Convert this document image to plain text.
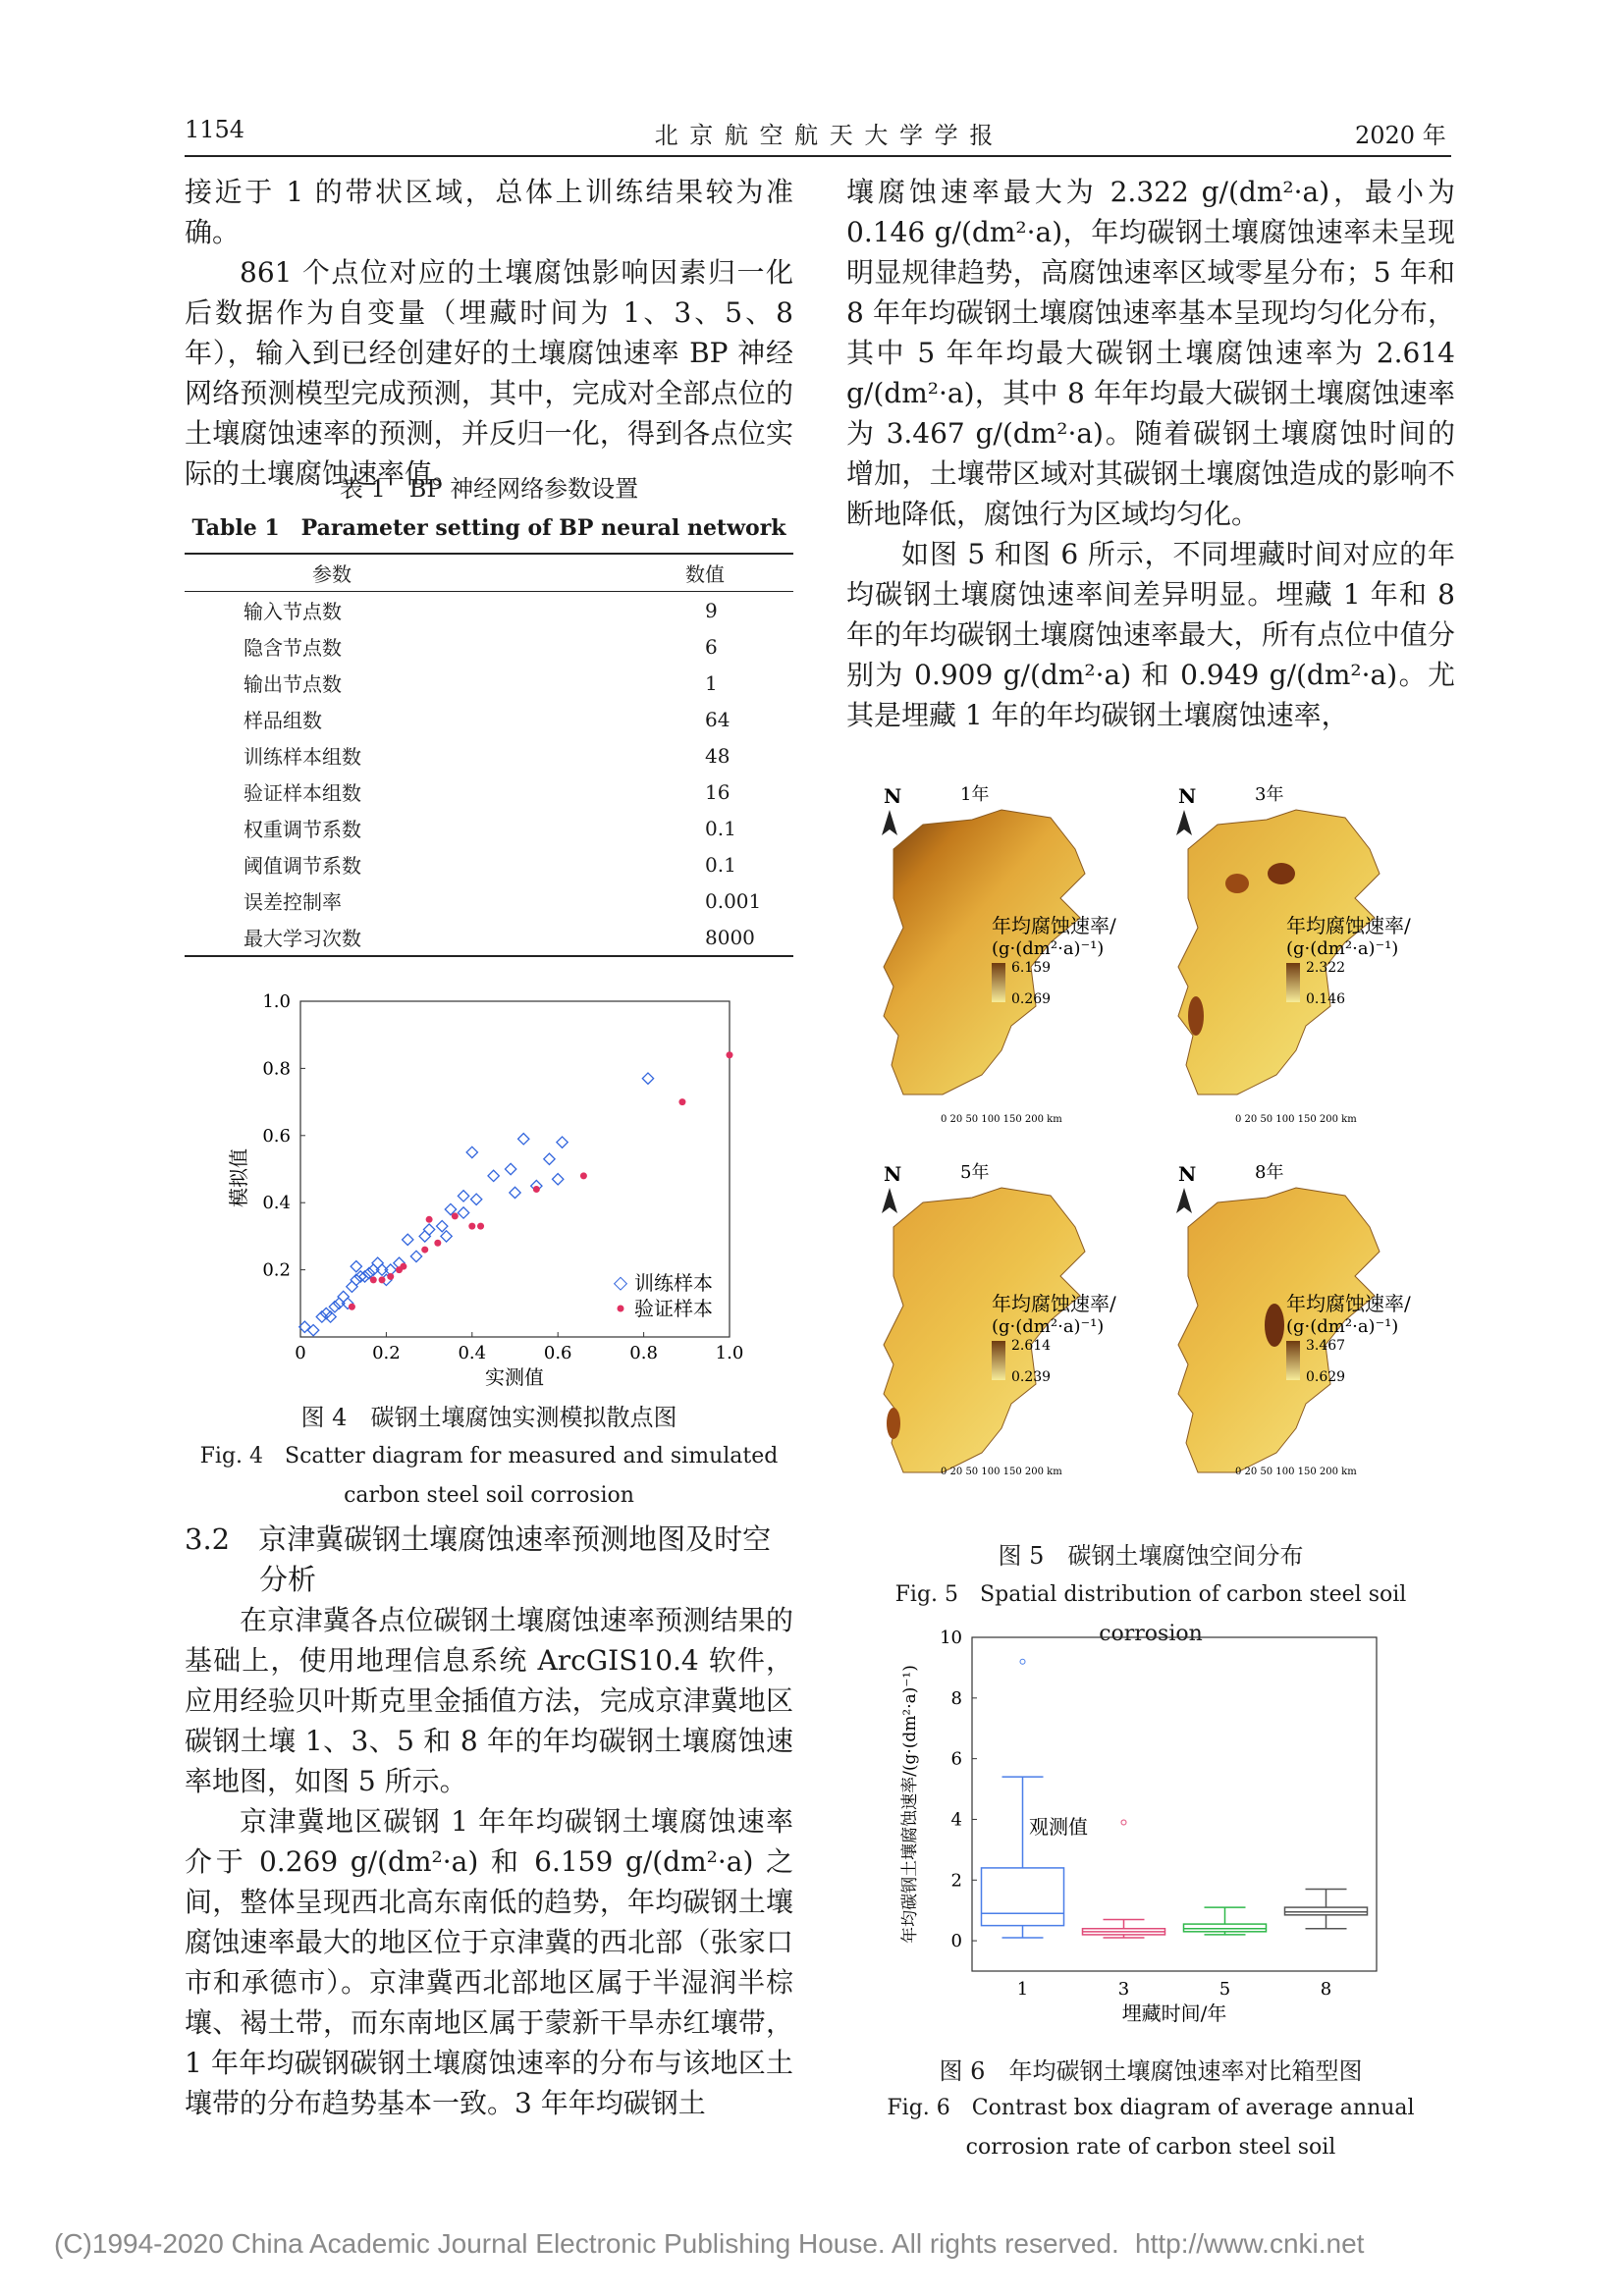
1154	北 京 航 空 航 天 大 学 学 报	2020 年

接近于 1 的带状区域，总体上训练结果较为准确。

861 个点位对应的土壤腐蚀影响因素归一化后数据作为自变量（埋藏时间为 1、3、5、8 年），输入到已经创建好的土壤腐蚀速率 BP 神经网络预测模型完成预测，其中，完成对全部点位的土壤腐蚀速率的预测，并反归一化，得到各点位实际的土壤腐蚀速率值。

表 1　BP 神经网络参数设置
Table 1　Parameter setting of BP neural network
参数	数值
输入节点数	9
隐含节点数	6
输出节点数	1
样品组数	64
训练样本组数	48
验证样本组数	16
权重调节系数	0.1
阈值调节系数	0.1
误差控制率	0.001
最大学习次数	8000
0	0.2	0.4	0.6	0.8	1.0
0.2
0.4
0.6
0.8
1.0
模拟值
实测值
训练样本
验证样本
图 4　碳钢土壤腐蚀实测模拟散点图
Fig. 4　Scatter diagram for measured and simulated
carbon steel soil corrosion
3.2　京津冀碳钢土壤腐蚀速率预测地图及时空
分析

在京津冀各点位碳钢土壤腐蚀速率预测结果的基础上，使用地理信息系统 ArcGIS10.4 软件，应用经验贝叶斯克里金插值方法，完成京津冀地区碳钢土壤 1、3、5 和 8 年的年均碳钢土壤腐蚀速率地图，如图 5 所示。

京津冀地区碳钢 1 年年均碳钢土壤腐蚀速率介于 0.269 g/(dm²·a) 和 6.159 g/(dm²·a) 之间，整体呈现西北高东南低的趋势，年均碳钢土壤腐蚀速率最大的地区位于京津冀的西北部（张家口市和承德市）。京津冀西北部地区属于半湿润半棕壤、褐土带，而东南地区属于蒙新干旱赤红壤带，1 年年均碳钢碳钢土壤腐蚀速率的分布与该地区土壤带的分布趋势基本一致。3 年年均碳钢土

壤腐蚀速率最大为 2.322 g/(dm²·a)，最小为 0.146 g/(dm²·a)，年均碳钢土壤腐蚀速率未呈现明显规律趋势，高腐蚀速率区域零星分布；5 年和 8 年年均碳钢土壤腐蚀速率基本呈现均匀化分布，其中 5 年年均最大碳钢土壤腐蚀速率为 2.614 g/(dm²·a)，其中 8 年年均最大碳钢土壤腐蚀速率为 3.467 g/(dm²·a)。随着碳钢土壤腐蚀时间的增加，土壤带区域对其碳钢土壤腐蚀造成的影响不断地降低，腐蚀行为区域均匀化。

如图 5 和图 6 所示，不同埋藏时间对应的年均碳钢土壤腐蚀速率间差异明显。埋藏 1 年和 8 年的年均碳钢土壤腐蚀速率最大，所有点位中值分别为 0.909 g/(dm²·a) 和 0.949 g/(dm²·a)。尤其是埋藏 1 年的年均碳钢土壤腐蚀速率，

N	1年
年均腐蚀速率/
(g·(dm²·a)⁻¹)
6.159
0.269
0 20 50 100 150 200 km
N	3年
年均腐蚀速率/
(g·(dm²·a)⁻¹)
2.322
0.146
0 20 50 100 150 200 km
N	5年
年均腐蚀速率/
(g·(dm²·a)⁻¹)
2.614
0.239
0 20 50 100 150 200 km
N	8年
年均腐蚀速率/
(g·(dm²·a)⁻¹)
3.467
0.629
0 20 50 100 150 200 km
图 5　碳钢土壤腐蚀空间分布
Fig. 5　Spatial distribution of carbon steel soil corrosion
0
2
4
6
8
10
1	3	5	8
观测值
年均碳钢土壤腐蚀速率/(g·(dm²·a)⁻¹)
埋藏时间/年
图 6　年均碳钢土壤腐蚀速率对比箱型图
Fig. 6　Contrast box diagram of average annual
corrosion rate of carbon steel soil
(C)1994-2020 China Academic Journal Electronic Publishing House. All rights reserved. http://www.cnki.net
